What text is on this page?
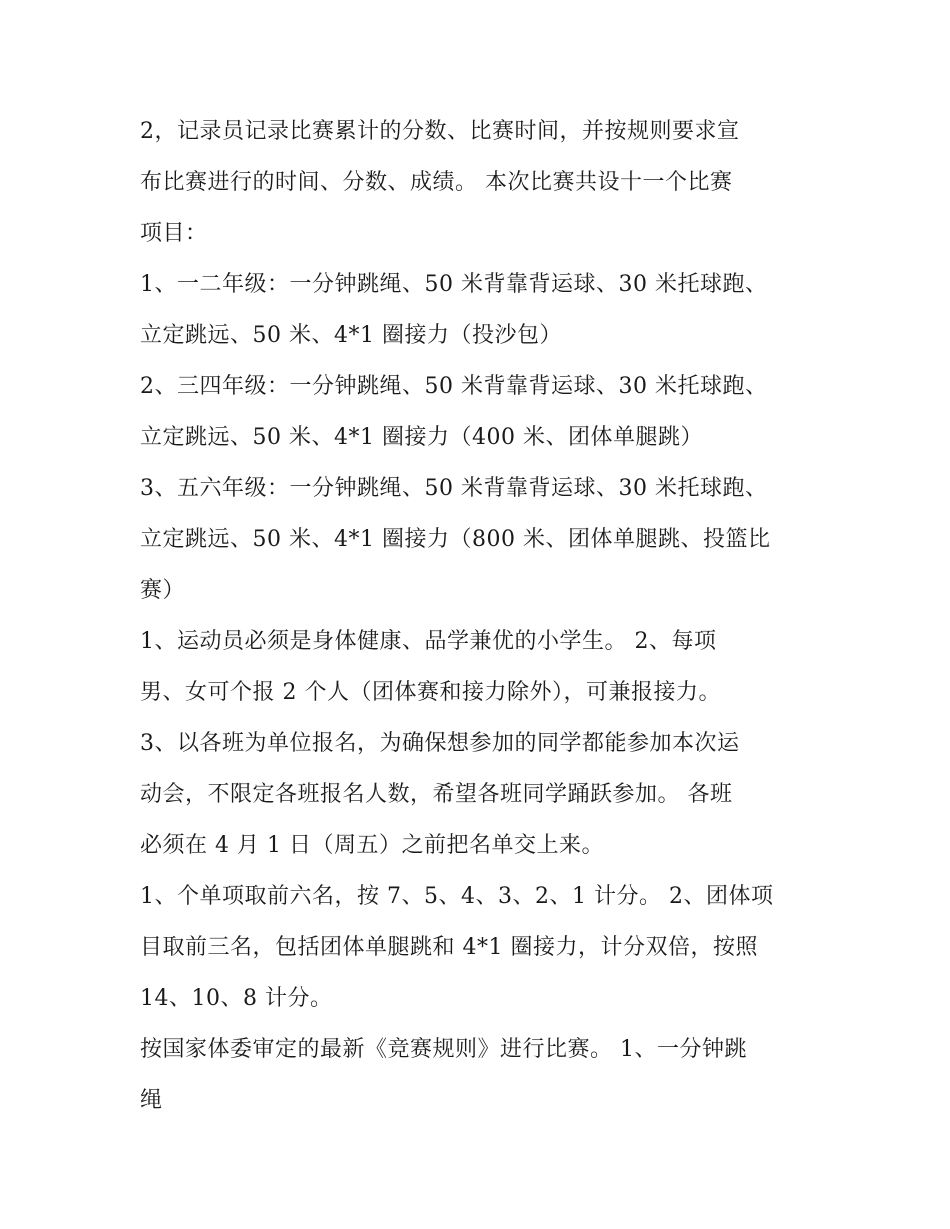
2，记录员记录比赛累计的分数、比赛时间，并按规则要求宣
布比赛进行的时间、分数、成绩。 本次比赛共设十一个比赛
项目：
1、一二年级：一分钟跳绳、50 米背靠背运球、30 米托球跑、
立定跳远、50 米、4*1 圈接力（投沙包）
2、三四年级：一分钟跳绳、50 米背靠背运球、30 米托球跑、
立定跳远、50 米、4*1 圈接力（400 米、团体单腿跳）
3、五六年级：一分钟跳绳、50 米背靠背运球、30 米托球跑、
立定跳远、50 米、4*1 圈接力（800 米、团体单腿跳、投篮比
赛）
1、运动员必须是身体健康、品学兼优的小学生。 2、每项
男、女可个报 2 个人（团体赛和接力除外），可兼报接力。
3、以各班为单位报名，为确保想参加的同学都能参加本次运
动会，不限定各班报名人数，希望各班同学踊跃参加。 各班
必须在 4 月 1 日（周五）之前把名单交上来。
1、个单项取前六名，按 7、5、4、3、2、1 计分。 2、团体项
目取前三名，包括团体单腿跳和 4*1 圈接力，计分双倍，按照
14、10、8 计分。
按国家体委审定的最新《竞赛规则》进行比赛。 1、一分钟跳
绳
